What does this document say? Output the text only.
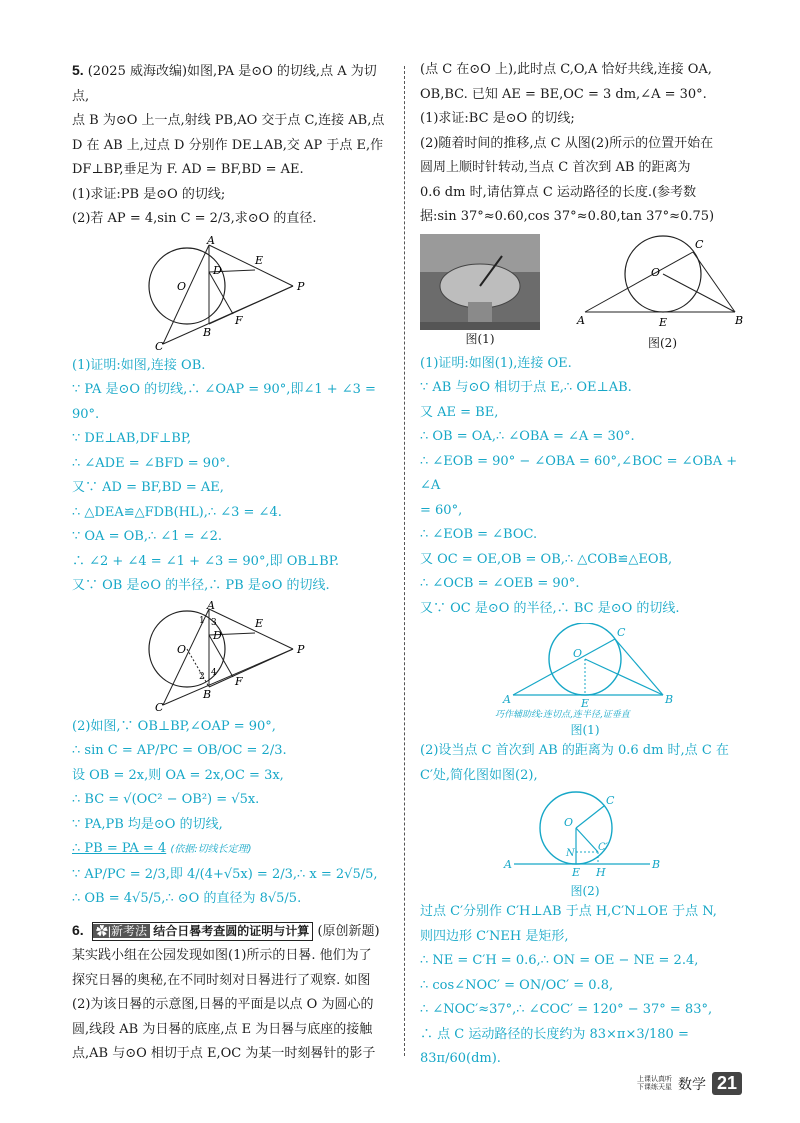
5. (2025 威海改编)如图,PA 是⊙O 的切线,点 A 为切点,

点 B 为⊙O 上一点,射线 PB,AO 交于点 C,连接 AB,点

D 在 AB 上,过点 D 分别作 DE⊥AB,交 AP 于点 E,作

DF⊥BP,垂足为 F. AD = BF,BD = AE.

(1)求证:PB 是⊙O 的切线;

(2)若 AP = 4,sin C = 2/3,求⊙O 的直径.

A
O
D
E
P
B
F
C

(1)证明:如图,连接 OB.

∵ PA 是⊙O 的切线,∴ ∠OAP = 90°,即∠1 + ∠3 = 90°.

∵ DE⊥AB,DF⊥BP,

∴ ∠ADE = ∠BFD = 90°.

又∵ AD = BF,BD = AE,

∴ △DEA≌△FDB(HL),∴ ∠3 = ∠4.

∵ OA = OB,∴ ∠1 = ∠2.

∴ ∠2 + ∠4 = ∠1 + ∠3 = 90°,即 OB⊥BP.

又∵ OB 是⊙O 的半径,∴ PB 是⊙O 的切线.

A
1 3
O
D
E
P
2 4
F
B
C

(2)如图,∵ OB⊥BP,∠OAP = 90°,

∴ sin C = AP/PC = OB/OC = 2/3.

设 OB = 2x,则 OA = 2x,OC = 3x,

∴ BC = √(OC² − OB²) = √5x.

∵ PA,PB 均是⊙O 的切线,

∴ PB = PA = 4 (依据:切线长定理)

∵ AP/PC = 2/3,即 4/(4+√5x) = 2/3,∴ x = 2√5/5,

∴ OB = 4√5/5,∴ ⊙O 的直径为 8√5/5.

6. ✿|新考法 结合日晷考查圆的证明与计算 (原创新题)

某实践小组在公园发现如图(1)所示的日晷. 他们为了

探究日晷的奥秘,在不同时刻对日晷进行了观察. 如图

(2)为该日晷的示意图,日晷的平面是以点 O 为圆心的

圆,线段 AB 为日晷的底座,点 E 为日晷与底座的接触

点,AB 与⊙O 相切于点 E,OC 为某一时刻晷针的影子

(点 C 在⊙O 上),此时点 C,O,A 恰好共线,连接 OA,

OB,BC. 已知 AE = BE,OC = 3 dm,∠A = 30°.

(1)求证:BC 是⊙O 的切线;

(2)随着时间的推移,点 C 从图(2)所示的位置开始在

圆周上顺时针转动,当点 C 首次到 AB 的距离为

0.6 dm 时,请估算点 C 运动路径的长度.(参考数

据:sin 37°≈0.60,cos 37°≈0.80,tan 37°≈0.75)

图(1)
C
O
A	E	B
图(2)

(1)证明:如图(1),连接 OE.

∵ AB 与⊙O 相切于点 E,∴ OE⊥AB.

又 AE = BE,

∴ OB = OA,∴ ∠OBA = ∠A = 30°.

∴ ∠EOB = 90° − ∠OBA = 60°,∠BOC = ∠OBA + ∠A

= 60°,

∴ ∠EOB = ∠BOC.

又 OC = OE,OB = OB,∴ △COB≌△EOB,

∴ ∠OCB = ∠OEB = 90°.

又∵ OC 是⊙O 的半径,∴ BC 是⊙O 的切线.

C
O
A	E	B
巧作辅助线:连切点,连半径,证垂直
图(1)

(2)设当点 C 首次到 AB 的距离为 0.6 dm 时,点 C 在

C′处,简化图如图(2),

C
O
A
N
C′
E H
B
图(2)

过点 C′分别作 C′H⊥AB 于点 H,C′N⊥OE 于点 N,

则四边形 C′NEH 是矩形,

∴ NE = C′H = 0.6,∴ ON = OE − NE = 2.4,

∴ cos∠NOC′ = ON/OC′ = 0.8,

∴ ∠NOC′≈37°,∴ ∠COC′ = 120° − 37° = 83°,

∴ 点 C 运动路径的长度约为 83×π×3/180 = 83π/60(dm).

上课认真听
下课练天星 数学 21
